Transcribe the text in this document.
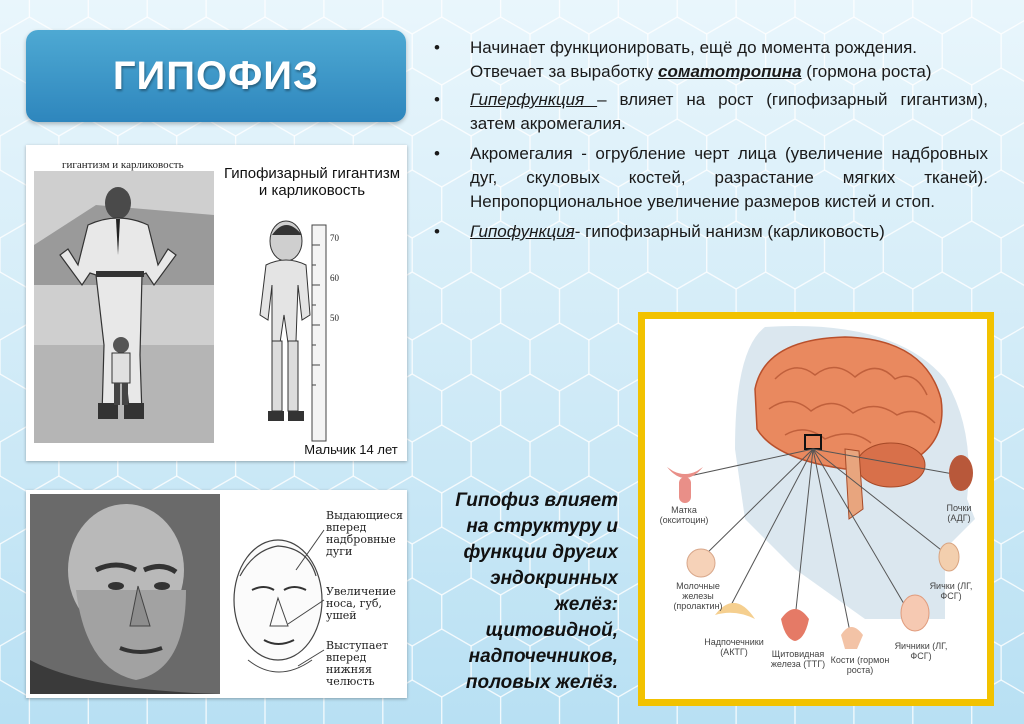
ГИПОФИЗ
• Начинает функционировать, ещё до момента рождения.
Отвечает за выработку соматотропина (гормона роста)
• Гиперфункция – влияет на рост (гипофизарный гигантизм), затем акромегалия.
• Акромегалия - огрубление черт лица (увеличение надбровных дуг, скуловых костей, разрастание мягких тканей). Непропорциональное увеличение размеров кистей и стоп.
• Гипофункция- гипофизарный нанизм (карликовость)
гигантизм и карликовость	Гипофизарный гигантизм и карликовость
70
60
50
Мальчик 14 лет
Выдающиеся вперед надбровные дуги
Увеличение носа, губ, ушей
Выступает вперед нижняя челюсть
Гипофиз влияет на структуру и функции других эндокринных желёз: щитовидной, надпочечников, половых желёз.
Матка (окситоцин)
Молочные железы (пролактин)
Надпочечники (АКТГ)	Щитовидная железа (ТТГ) Кости (гормон роста)
Яичники (ЛГ, ФСГ)
Яички (ЛГ, ФСГ)
Почки (АДГ)
